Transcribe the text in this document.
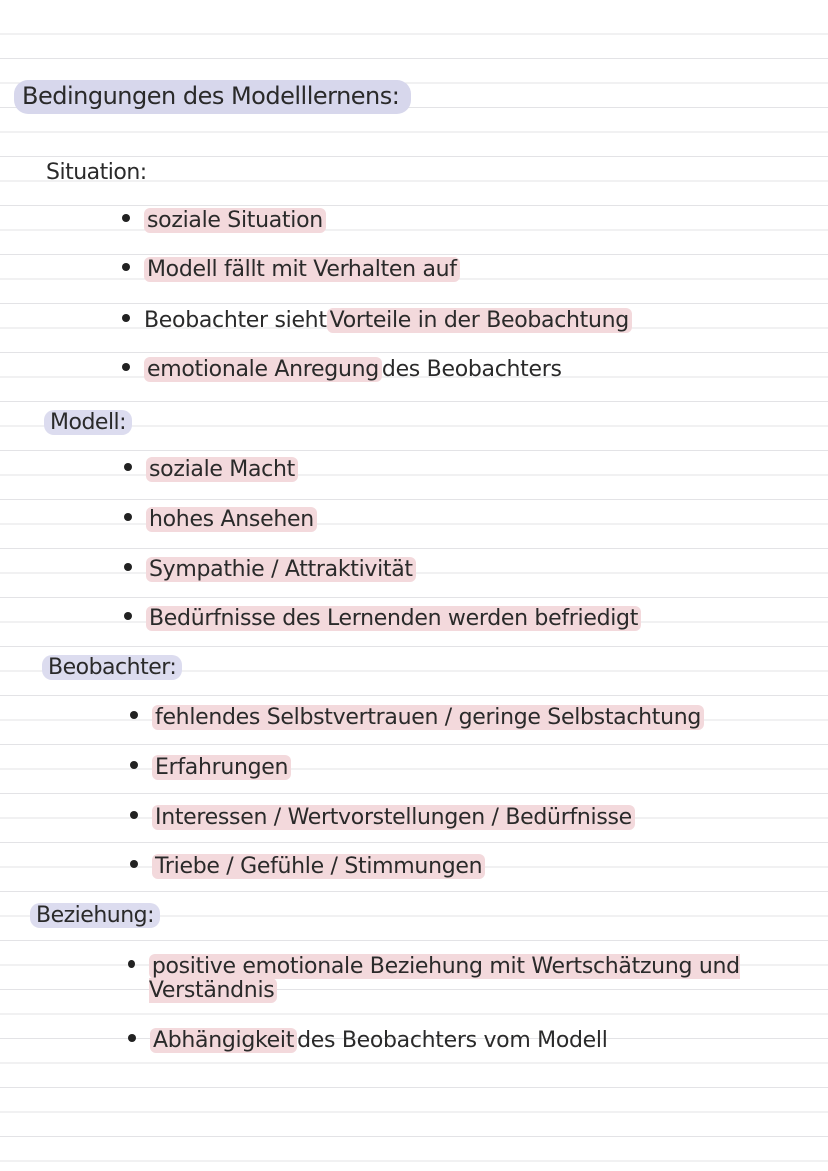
Bedingungen des Modelllernens:
Situation:
soziale Situation
Modell fällt mit Verhalten auf
Beobachter sieht Vorteile in der Beobachtung
emotionale Anregung des Beobachters
Modell:
soziale Macht
hohes Ansehen
Sympathie / Attraktivität
Bedürfnisse des Lernenden werden befriedigt
Beobachter:
fehlendes Selbstvertrauen / geringe Selbstachtung
Erfahrungen
Interessen / Wertvorstellungen / Bedürfnisse
Triebe / Gefühle / Stimmungen
Beziehung:
positive emotionale Beziehung mit Wertschätzung und Verständnis
Abhängigkeit des Beobachters vom Modell
